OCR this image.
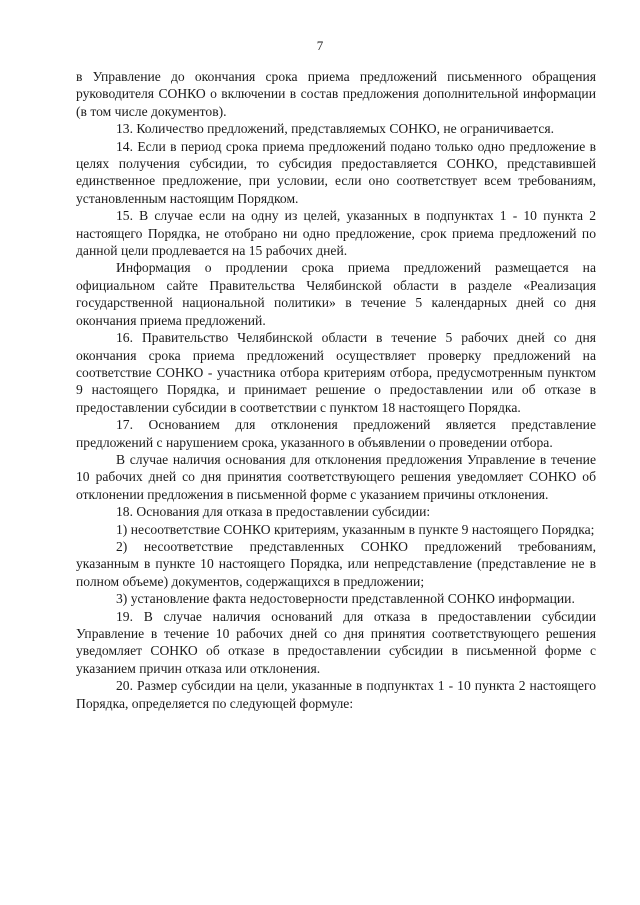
7

в Управление до окончания срока приема предложений письменного обращения руководителя СОНКО о включении в состав предложения дополнительной информации (в том числе документов).

13. Количество предложений, представляемых СОНКО, не ограничивается.

14. Если в период срока приема предложений подано только одно предложение в целях получения субсидии, то субсидия предоставляется СОНКО, представившей единственное предложение, при условии, если оно соответствует всем требованиям, установленным настоящим Порядком.

15. В случае если на одну из целей, указанных в подпунктах 1 - 10 пункта 2 настоящего Порядка, не отобрано ни одно предложение, срок приема предложений по данной цели продлевается на 15 рабочих дней.

Информация о продлении срока приема предложений размещается на официальном сайте Правительства Челябинской области в разделе «Реализация государственной национальной политики» в течение 5 календарных дней со дня окончания приема предложений.

16. Правительство Челябинской области в течение 5 рабочих дней со дня окончания срока приема предложений осуществляет проверку предложений на соответствие СОНКО - участника отбора критериям отбора, предусмотренным пунктом 9 настоящего Порядка, и принимает решение о предоставлении или об отказе в предоставлении субсидии в соответствии с пунктом 18 настоящего Порядка.

17. Основанием для отклонения предложений является представление предложений с нарушением срока, указанного в объявлении о проведении отбора.

В случае наличия основания для отклонения предложения Управление в течение 10 рабочих дней со дня принятия соответствующего решения уведомляет СОНКО об отклонении предложения в письменной форме с указанием причины отклонения.

18. Основания для отказа в предоставлении субсидии:

1) несоответствие СОНКО критериям, указанным в пункте 9 настоящего Порядка;

2) несоответствие представленных СОНКО предложений требованиям, указанным в пункте 10 настоящего Порядка, или непредставление (представление не в полном объеме) документов, содержащихся в предложении;

3) установление факта недостоверности представленной СОНКО информации.

19. В случае наличия оснований для отказа в предоставлении субсидии Управление в течение 10 рабочих дней со дня принятия соответствующего решения уведомляет СОНКО об отказе в предоставлении субсидии в письменной форме с указанием причин отказа или отклонения.

20. Размер субсидии на цели, указанные в подпунктах 1 - 10 пункта 2 настоящего Порядка, определяется по следующей формуле:
